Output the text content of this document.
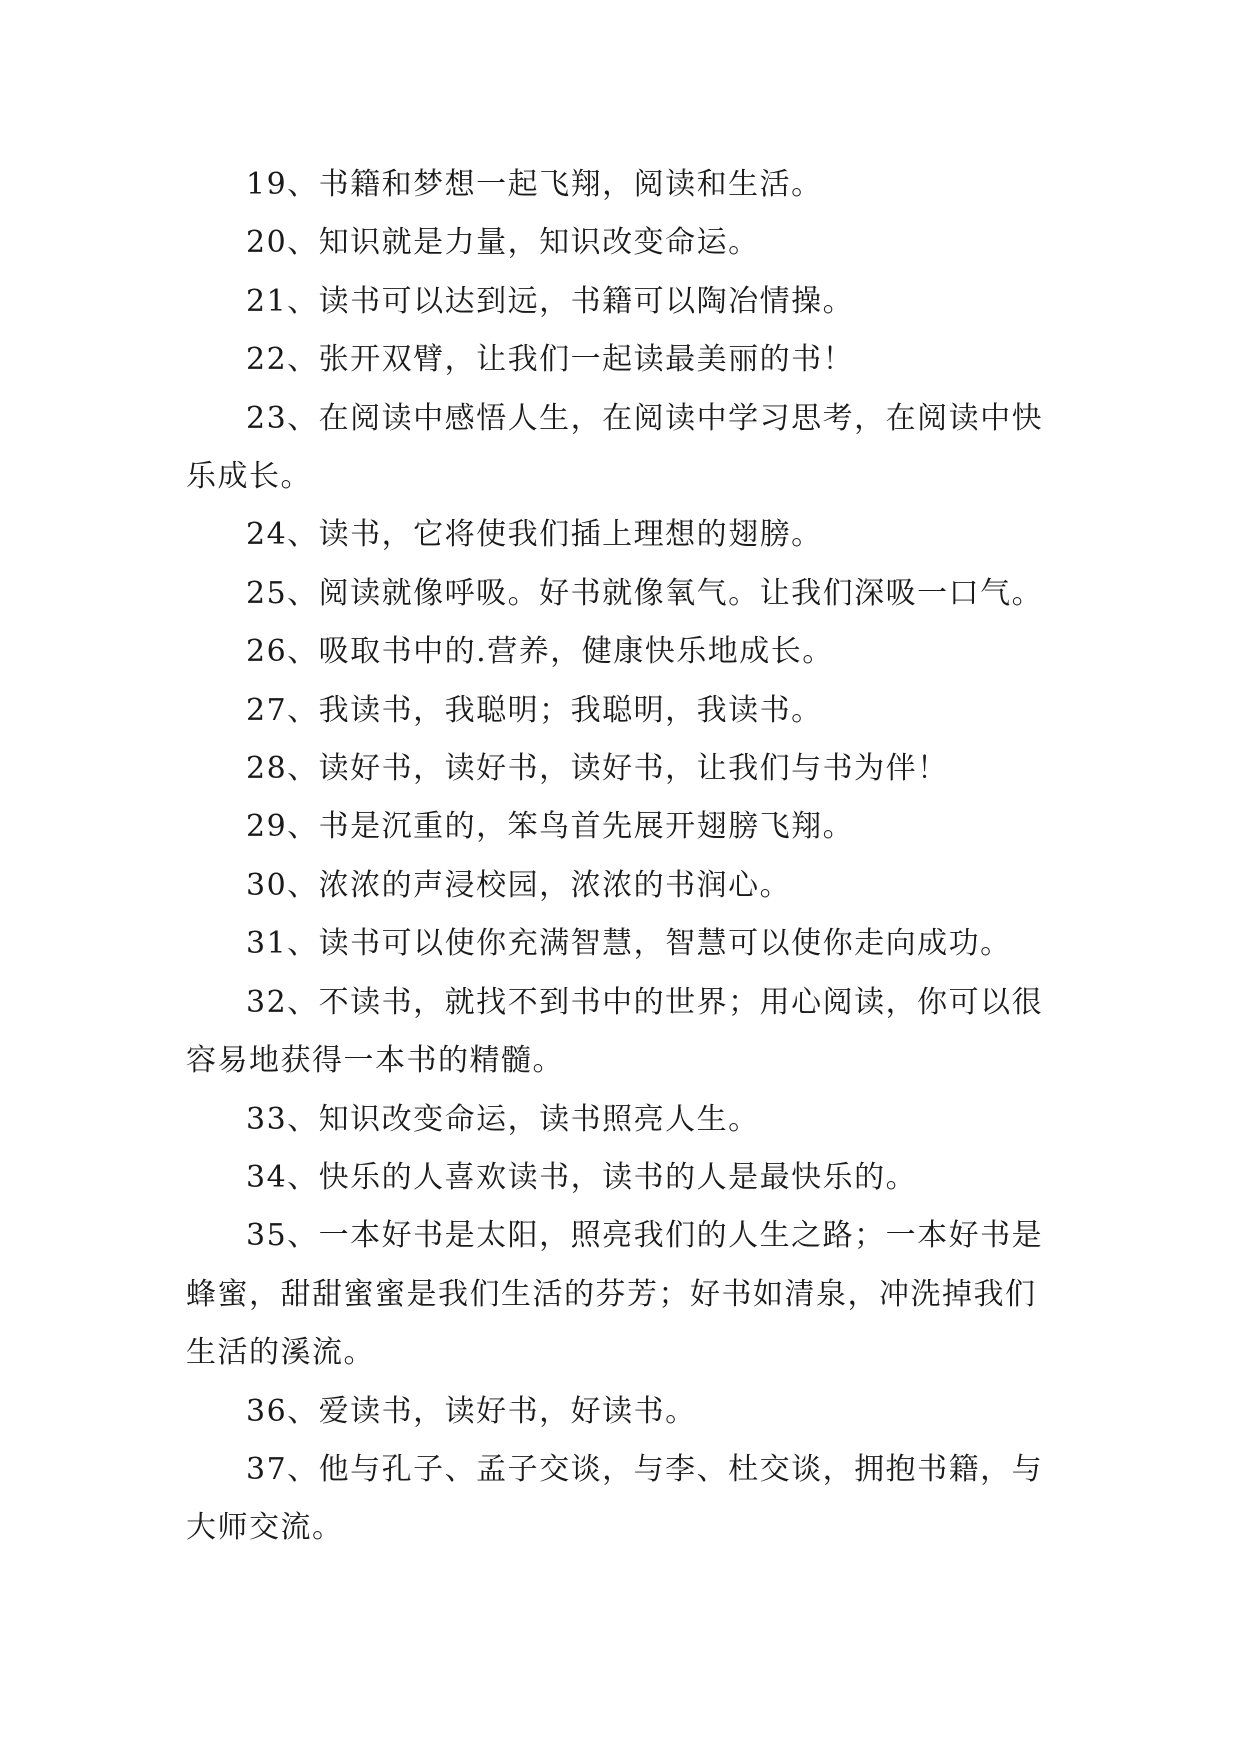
19、书籍和梦想一起飞翔，阅读和生活。

20、知识就是力量，知识改变命运。

21、读书可以达到远，书籍可以陶冶情操。

22、张开双臂，让我们一起读最美丽的书！

23、在阅读中感悟人生，在阅读中学习思考，在阅读中快乐成长。

24、读书，它将使我们插上理想的翅膀。

25、阅读就像呼吸。好书就像氧气。让我们深吸一口气。

26、吸取书中的.营养，健康快乐地成长。

27、我读书，我聪明；我聪明，我读书。

28、读好书，读好书，读好书，让我们与书为伴！

29、书是沉重的，笨鸟首先展开翅膀飞翔。

30、浓浓的声浸校园，浓浓的书润心。

31、读书可以使你充满智慧，智慧可以使你走向成功。

32、不读书，就找不到书中的世界；用心阅读，你可以很容易地获得一本书的精髓。

33、知识改变命运，读书照亮人生。

34、快乐的人喜欢读书，读书的人是最快乐的。

35、一本好书是太阳，照亮我们的人生之路；一本好书是蜂蜜，甜甜蜜蜜是我们生活的芬芳；好书如清泉，冲洗掉我们生活的溪流。

36、爱读书，读好书，好读书。

37、他与孔子、孟子交谈，与李、杜交谈，拥抱书籍，与大师交流。
